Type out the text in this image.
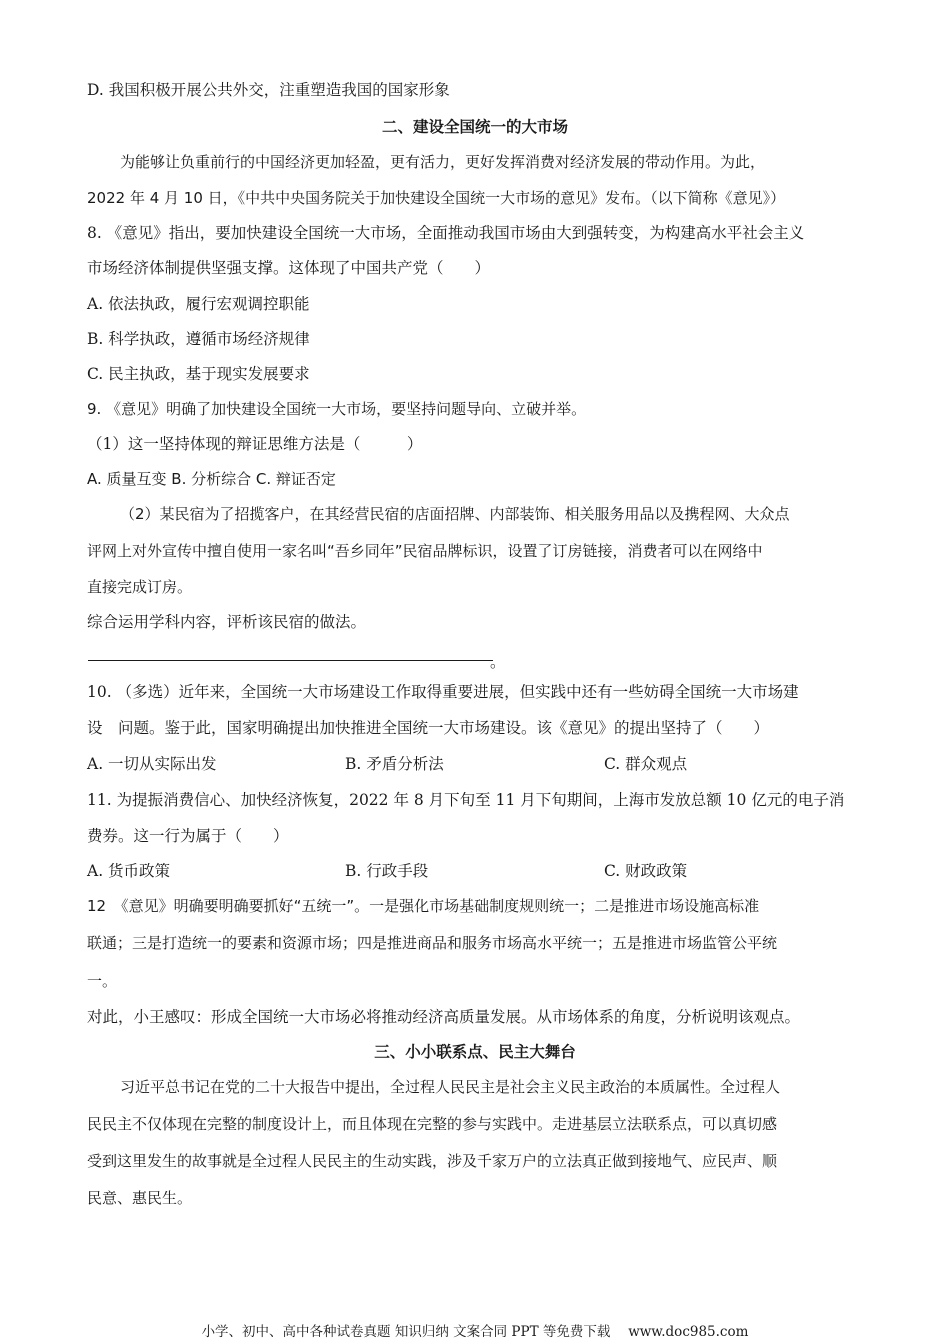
D. 我国积极开展公共外交，注重塑造我国的国家形象
二、建设全国统一的大市场
为能够让负重前行的中国经济更加轻盈，更有活力，更好发挥消费对经济发展的带动作用。为此，
2022 年 4 月 10 日，《中共中央国务院关于加快建设全国统一大市场的意见》发布。（以下简称《意见》）
8. 《意见》指出，要加快建设全国统一大市场，全面推动我国市场由大到强转变，为构建高水平社会主义
市场经济体制提供坚强支撑。这体现了中国共产党（　　）
A. 依法执政，履行宏观调控职能
B. 科学执政，遵循市场经济规律
C. 民主执政，基于现实发展要求
9. 《意见》明确了加快建设全国统一大市场，要坚持问题导向、立破并举。
（1）这一坚持体现的辩证思维方法是（　　　）
A. 质量互变 B. 分析综合 C. 辩证否定
（2）某民宿为了招揽客户，在其经营民宿的店面招牌、内部装饰、相关服务用品以及携程网、大众点
评网上对外宣传中擅自使用一家名叫“吾乡同年”民宿品牌标识，设置了订房链接，消费者可以在网络中
直接完成订房。
综合运用学科内容，评析该民宿的做法。
。
10. （多选）近年来，全国统一大市场建设工作取得重要进展，但实践中还有一些妨碍全国统一大市场建
设　问题。鉴于此，国家明确提出加快推进全国统一大市场建设。该《意见》的提出坚持了（　　）
A. 一切从实际出发	B. 矛盾分析法	C. 群众观点
11. 为提振消费信心、加快经济恢复，2022 年 8 月下旬至 11 月下旬期间，上海市发放总额 10 亿元的电子消
费券。这一行为属于（　　）
A. 货币政策	B. 行政手段	C. 财政政策
12　《意见》明确要明确要抓好“五统一”。一是强化市场基础制度规则统一；二是推进市场设施高标准
联通；三是打造统一的要素和资源市场；四是推进商品和服务市场高水平统一；五是推进市场监管公平统
一。
对此，小王感叹：形成全国统一大市场必将推动经济高质量发展。从市场体系的角度，分析说明该观点。
三、小小联系点、民主大舞台
习近平总书记在党的二十大报告中提出，全过程人民民主是社会主义民主政治的本质属性。全过程人
民民主不仅体现在完整的制度设计上，而且体现在完整的参与实践中。走进基层立法联系点，可以真切感
受到这里发生的故事就是全过程人民民主的生动实践，涉及千家万户的立法真正做到接地气、应民声、顺
民意、惠民生。
小学、初中、高中各种试卷真题 知识归纳 文案合同 PPT 等免费下载　 www.doc985.com
